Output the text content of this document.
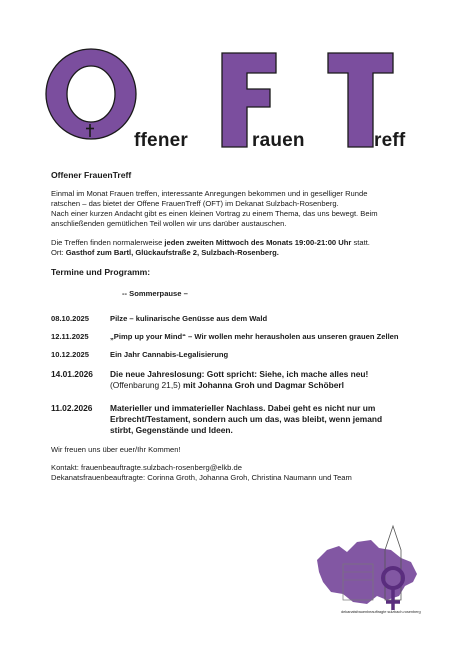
ffener	rauen	reff
Offener FrauenTreff
Einmal im Monat Frauen treffen, interessante Anregungen bekommen und in geselliger Runde
ratschen – das bietet der Offene FrauenTreff (OFT) im Dekanat Sulzbach-Rosenberg.
Nach einer kurzen Andacht gibt es einen kleinen Vortrag zu einem Thema, das uns bewegt. Beim
anschließenden gemütlichen Teil wollen wir uns darüber austauschen.
Die Treffen finden normalerweise jeden zweiten Mittwoch des Monats 19:00-21:00 Uhr statt.
Ort: Gasthof zum Bartl, Glückaufstraße 2, Sulzbach-Rosenberg.
Termine und Programm:
-- Sommerpause –
08.10.2025	Pilze – kulinarische Genüsse aus dem Wald
12.11.2025	„Pimp up your Mind“ – Wir wollen mehr herausholen aus unseren grauen Zellen
10.12.2025	Ein Jahr Cannabis-Legalisierung
14.01.2026 Die neue Jahreslosung: Gott spricht: Siehe, ich mache alles neu!
(Offenbarung 21,5) mit Johanna Groh und Dagmar Schöberl
11.02.2026 Materieller und immaterieller Nachlass. Dabei geht es nicht nur um
Erbrecht/Testament, sondern auch um das, was bleibt, wenn jemand
stirbt, Gegenstände und Ideen.
Wir freuen uns über euer/Ihr Kommen!
Kontakt: frauenbeauftragte.sulzbach-rosenberg@elkb.de
Dekanatsfrauenbeauftragte: Corinna Groth, Johanna Groh, Christina Naumann und Team
dekanatsfrauenbeauftragte sulzbach-rosenberg
